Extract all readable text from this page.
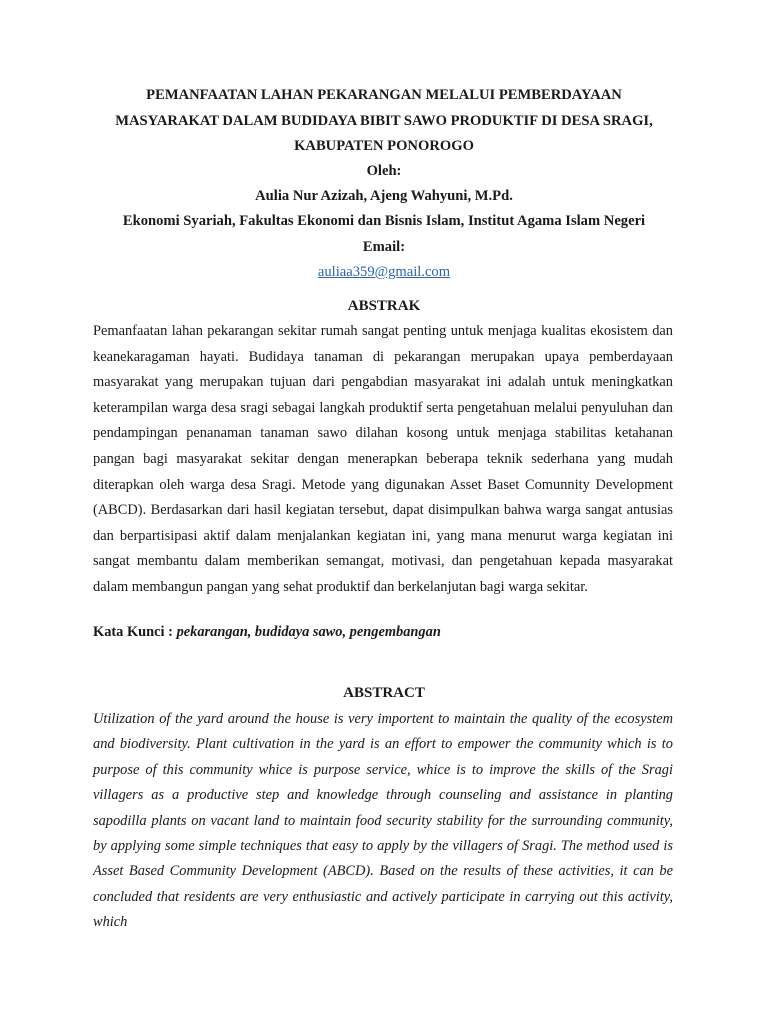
PEMANFAATAN LAHAN PEKARANGAN MELALUI PEMBERDAYAAN
MASYARAKAT DALAM BUDIDAYA BIBIT SAWO PRODUKTIF DI DESA SRAGI,
KABUPATEN PONOROGO
Oleh:
Aulia Nur Azizah, Ajeng Wahyuni, M.Pd.
Ekonomi Syariah, Fakultas Ekonomi dan Bisnis Islam, Institut Agama Islam Negeri
Email:
auliaa359@gmail.com
ABSTRAK
Pemanfaatan lahan pekarangan sekitar rumah sangat penting untuk menjaga kualitas ekosistem dan keanekaragaman hayati. Budidaya tanaman di pekarangan merupakan upaya pemberdayaan masyarakat yang merupakan tujuan dari pengabdian masyarakat ini adalah untuk meningkatkan keterampilan warga desa sragi sebagai langkah produktif serta pengetahuan melalui penyuluhan dan pendampingan penanaman tanaman sawo dilahan kosong untuk menjaga stabilitas ketahanan pangan bagi masyarakat sekitar dengan menerapkan beberapa teknik sederhana yang mudah diterapkan oleh warga desa Sragi. Metode yang digunakan Asset Baset Comunnity Development (ABCD). Berdasarkan dari hasil kegiatan tersebut, dapat disimpulkan bahwa warga sangat antusias dan berpartisipasi aktif dalam menjalankan kegiatan ini, yang mana menurut warga kegiatan ini sangat membantu dalam memberikan semangat, motivasi, dan pengetahuan kepada masyarakat dalam membangun pangan yang sehat produktif dan berkelanjutan bagi warga sekitar.
Kata Kunci : pekarangan, budidaya sawo, pengembangan
ABSTRACT
Utilization of the yard around the house is very importent to maintain the quality of the ecosystem and biodiversity. Plant cultivation in the yard is an effort to empower the community which is to purpose of this community whice is purpose service, whice is to improve the skills of the Sragi villagers as a productive step and knowledge through counseling and assistance in planting sapodilla plants on vacant land to maintain food security stability for the surrounding community, by applying some simple techniques that easy to apply by the villagers of Sragi. The method used is Asset Based Community Development (ABCD). Based on the results of these activities, it can be concluded that residents are very enthusiastic and actively participate in carrying out this activity, which
